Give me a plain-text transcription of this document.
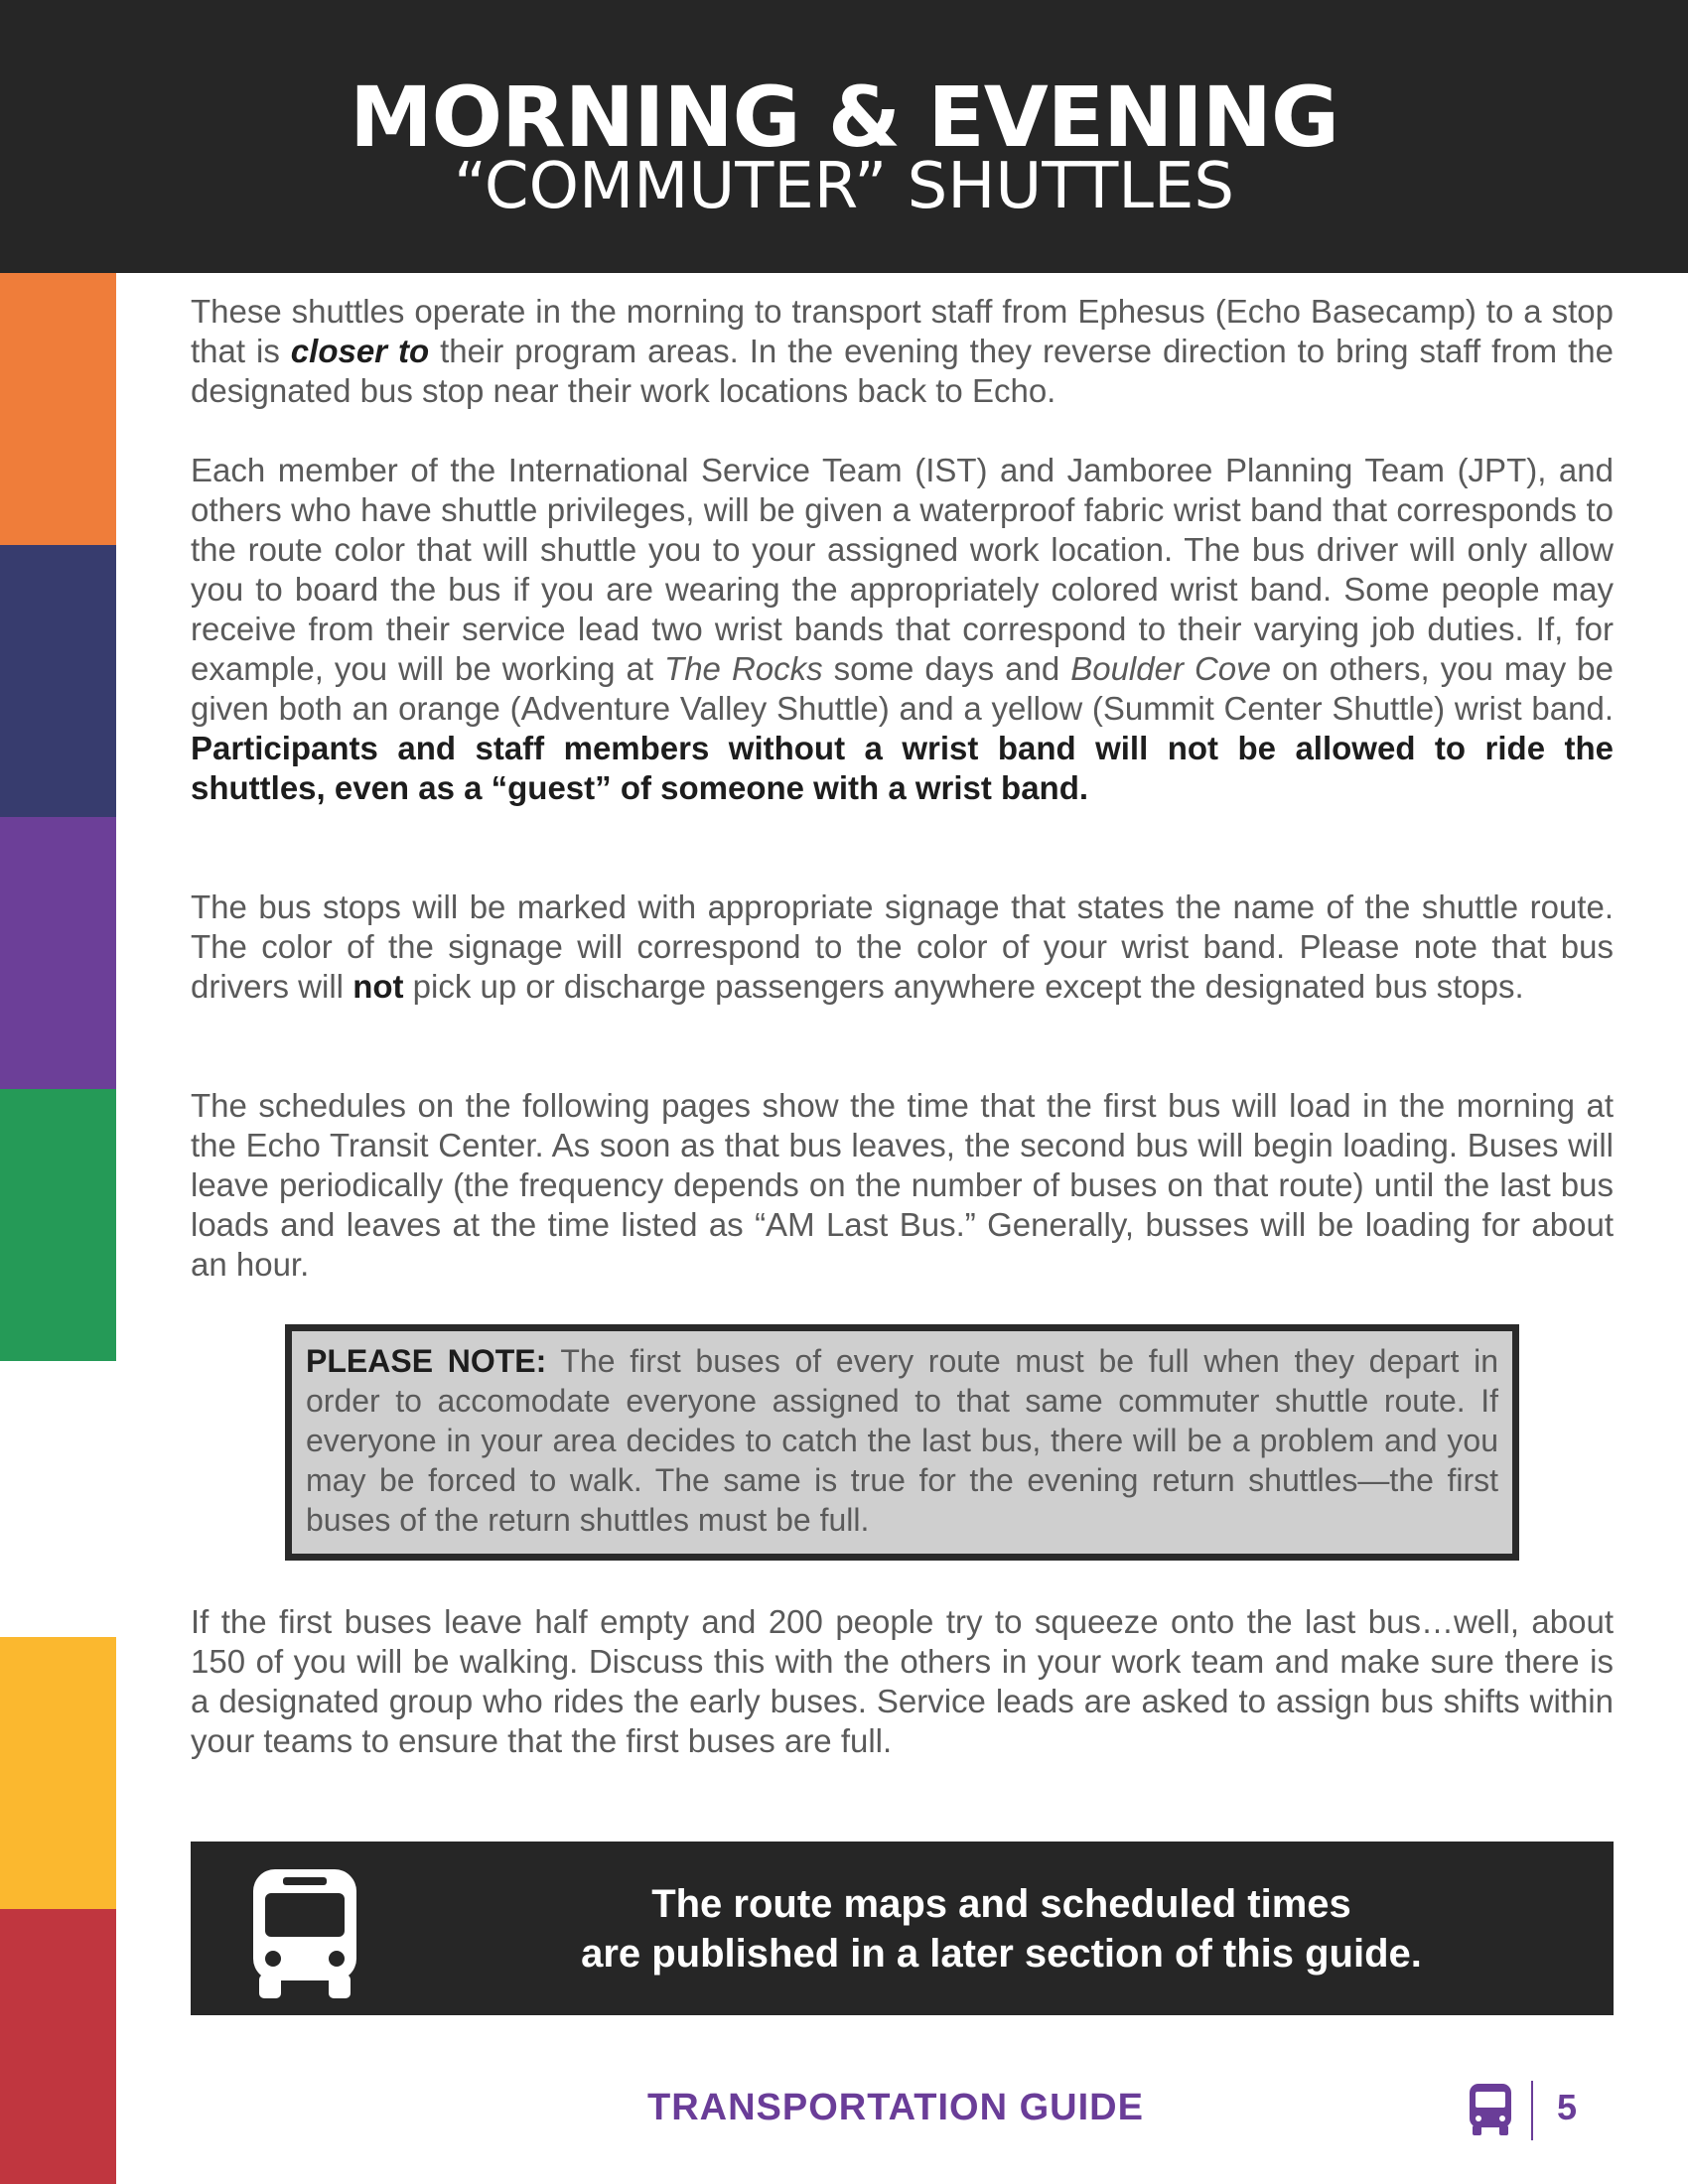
MORNING & EVENING
“COMMUTER” SHUTTLES

These shuttles operate in the morning to transport staff from Ephesus (Echo Basecamp) to a stop that is closer to their program areas. In the evening they reverse direction to bring staff from the designated bus stop near their work locations back to Echo.

Each member of the International Service Team (IST) and Jamboree Planning Team (JPT), and others who have shuttle privileges, will be given a waterproof fabric wrist band that corresponds to the route color that will shuttle you to your assigned work location. The bus driver will only allow you to board the bus if you are wearing the appropriately colored wrist band. Some people may receive from their service lead two wrist bands that correspond to their varying job duties. If, for example, you will be working at The Rocks some days and Boulder Cove on others, you may be given both an orange (Adventure Valley Shuttle) and a yellow (Summit Center Shuttle) wrist band. Participants and staff members without a wrist band will not be allowed to ride the shuttles, even as a “guest” of someone with a wrist band.

The bus stops will be marked with appropriate signage that states the name of the shuttle route. The color of the signage will correspond to the color of your wrist band. Please note that bus drivers will not pick up or discharge passengers anywhere except the designated bus stops.

The schedules on the following pages show the time that the first bus will load in the morning at the Echo Transit Center. As soon as that bus leaves, the second bus will begin loading. Buses will leave periodically (the frequency depends on the number of buses on that route) until the last bus loads and leaves at the time listed as “AM Last Bus.” Generally, busses will be loading for about an hour.

PLEASE NOTE: The first buses of every route must be full when they depart in order to accomodate everyone assigned to that same commuter shuttle route. If everyone in your area decides to catch the last bus, there will be a problem and you may be forced to walk. The same is true for the evening return shuttles—the first buses of the return shuttles must be full.

If the first buses leave half empty and 200 people try to squeeze onto the last bus…well, about 150 of you will be walking. Discuss this with the others in your work team and make sure there is a designated group who rides the early buses. Service leads are asked to assign bus shifts within your teams to ensure that the first buses are full.

The route maps and scheduled times
are published in a later section of this guide.
TRANSPORTATION GUIDE	5
